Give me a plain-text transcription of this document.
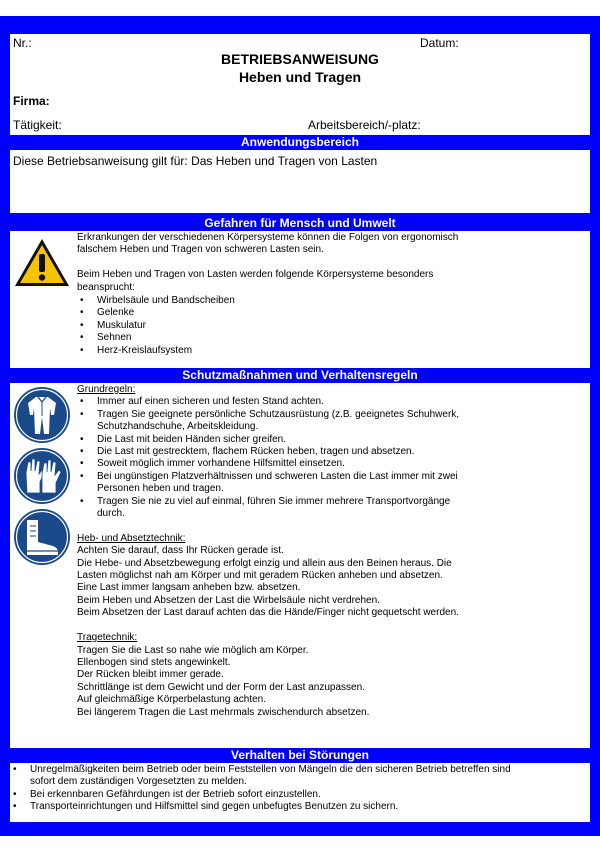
Nr.:	Datum:
BETRIEBSANWEISUNG
Heben und Tragen
Firma:
Tätigkeit:	Arbeitsbereich/-platz:
Anwendungsbereich
Diese Betriebsanweisung gilt für: Das Heben und Tragen von Lasten
Gefahren für Mensch und Umwelt
Erkrankungen der verschiedenen Körpersysteme können die Folgen von ergonomisch
falschem Heben und Tragen von schweren Lasten sein.
Beim Heben und Tragen von Lasten werden folgende Körpersysteme besonders
beansprucht:
• Wirbelsäule und Bandscheiben
• Gelenke
• Muskulatur
• Sehnen
• Herz-Kreislaufsystem
Schutzmaßnahmen und Verhaltensregeln
Grundregeln:
• Immer auf einen sicheren und festen Stand achten.
• Tragen Sie geeignete persönliche Schutzausrüstung (z.B. geeignetes Schuhwerk,
Schutzhandschuhe, Arbeitskleidung.
• Die Last mit beiden Händen sicher greifen.
• Die Last mit gestrecktem, flachem Rücken heben, tragen und absetzen.
• Soweit möglich immer vorhandene Hilfsmittel einsetzen.
• Bei ungünstigen Platzverhältnissen und schweren Lasten die Last immer mit zwei
Personen heben und tragen.
• Tragen Sie nie zu viel auf einmal, führen Sie immer mehrere Transportvorgänge
durch.
Heb- und Absetztechnik:
Achten Sie darauf, dass Ihr Rücken gerade ist.
Die Hebe- und Absetzbewegung erfolgt einzig und allein aus den Beinen heraus. Die
Lasten möglichst nah am Körper und mit geradem Rücken anheben und absetzen.
Eine Last immer langsam anheben bzw. absetzen.
Beim Heben und Absetzen der Last die Wirbelsäule nicht verdrehen.
Beim Absetzen der Last darauf achten das die Hände/Finger nicht gequetscht werden.
Tragetechnik:
Tragen Sie die Last so nahe wie möglich am Körper.
Ellenbogen sind stets angewinkelt.
Der Rücken bleibt immer gerade.
Schrittlänge ist dem Gewicht und der Form der Last anzupassen.
Auf gleichmäßige Körperbelastung achten.
Bei längerem Tragen die Last mehrmals zwischendurch absetzen.
Verhalten bei Störungen
• Unregelmäßigkeiten beim Betrieb oder beim Feststellen von Mängeln die den sicheren Betrieb betreffen sind
sofort dem zuständigen Vorgesetzten zu melden.
• Bei erkennbaren Gefährdungen ist der Betrieb sofort einzustellen.
• Transporteinrichtungen und Hilfsmittel sind gegen unbefugtes Benutzen zu sichern.
